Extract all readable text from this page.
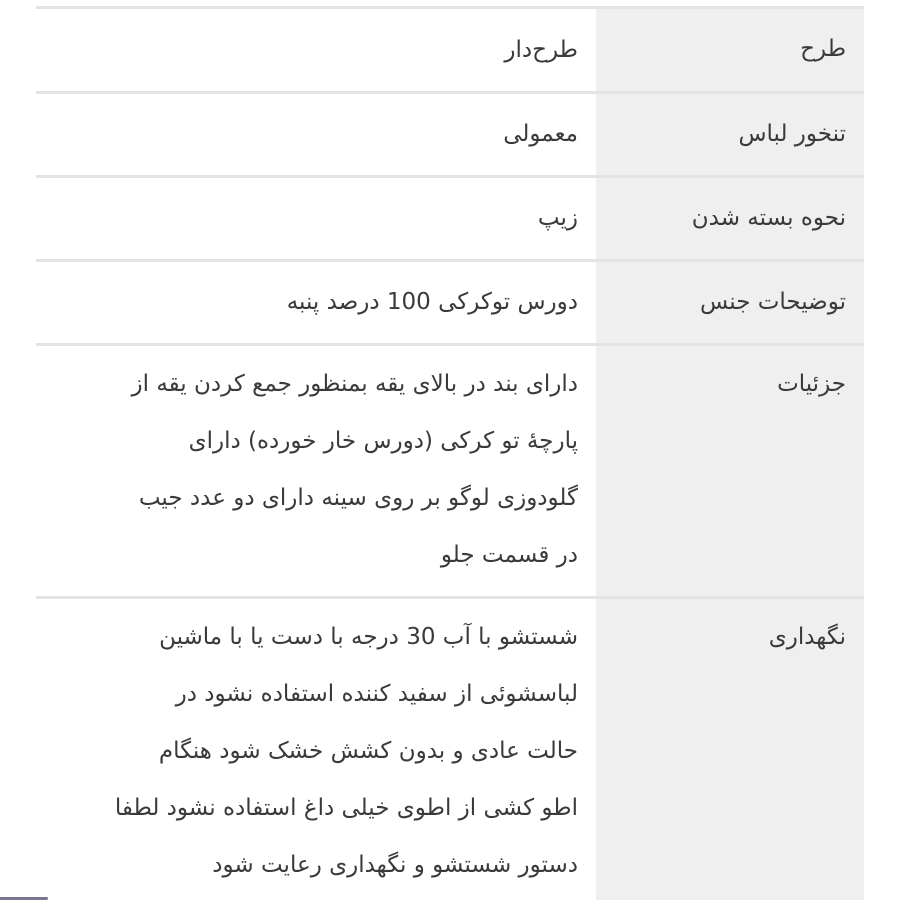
طرح
طرح‌دار
تنخور لباس
معمولی
نحوه بسته شدن
زیپ
توضیحات جنس
دورس توکرکی 100 درصد پنبه
جزئیات
دارای بند در بالای یقه بمنظور جمع کردن یقه از
پارچهٔ تو کرکی (دورس خار خورده) دارای
گلودوزی لوگو بر روی سینه دارای دو عدد جیب
در قسمت جلو
نگهداری
شستشو با آب 30 درجه با دست یا با ماشین
لباسشوئی از سفید کننده استفاده نشود در
حالت عادی و بدون کشش خشک شود هنگام
اطو کشی از اطوی خیلی داغ استفاده نشود لطفا
دستور شستشو و نگهداری رعایت شود
